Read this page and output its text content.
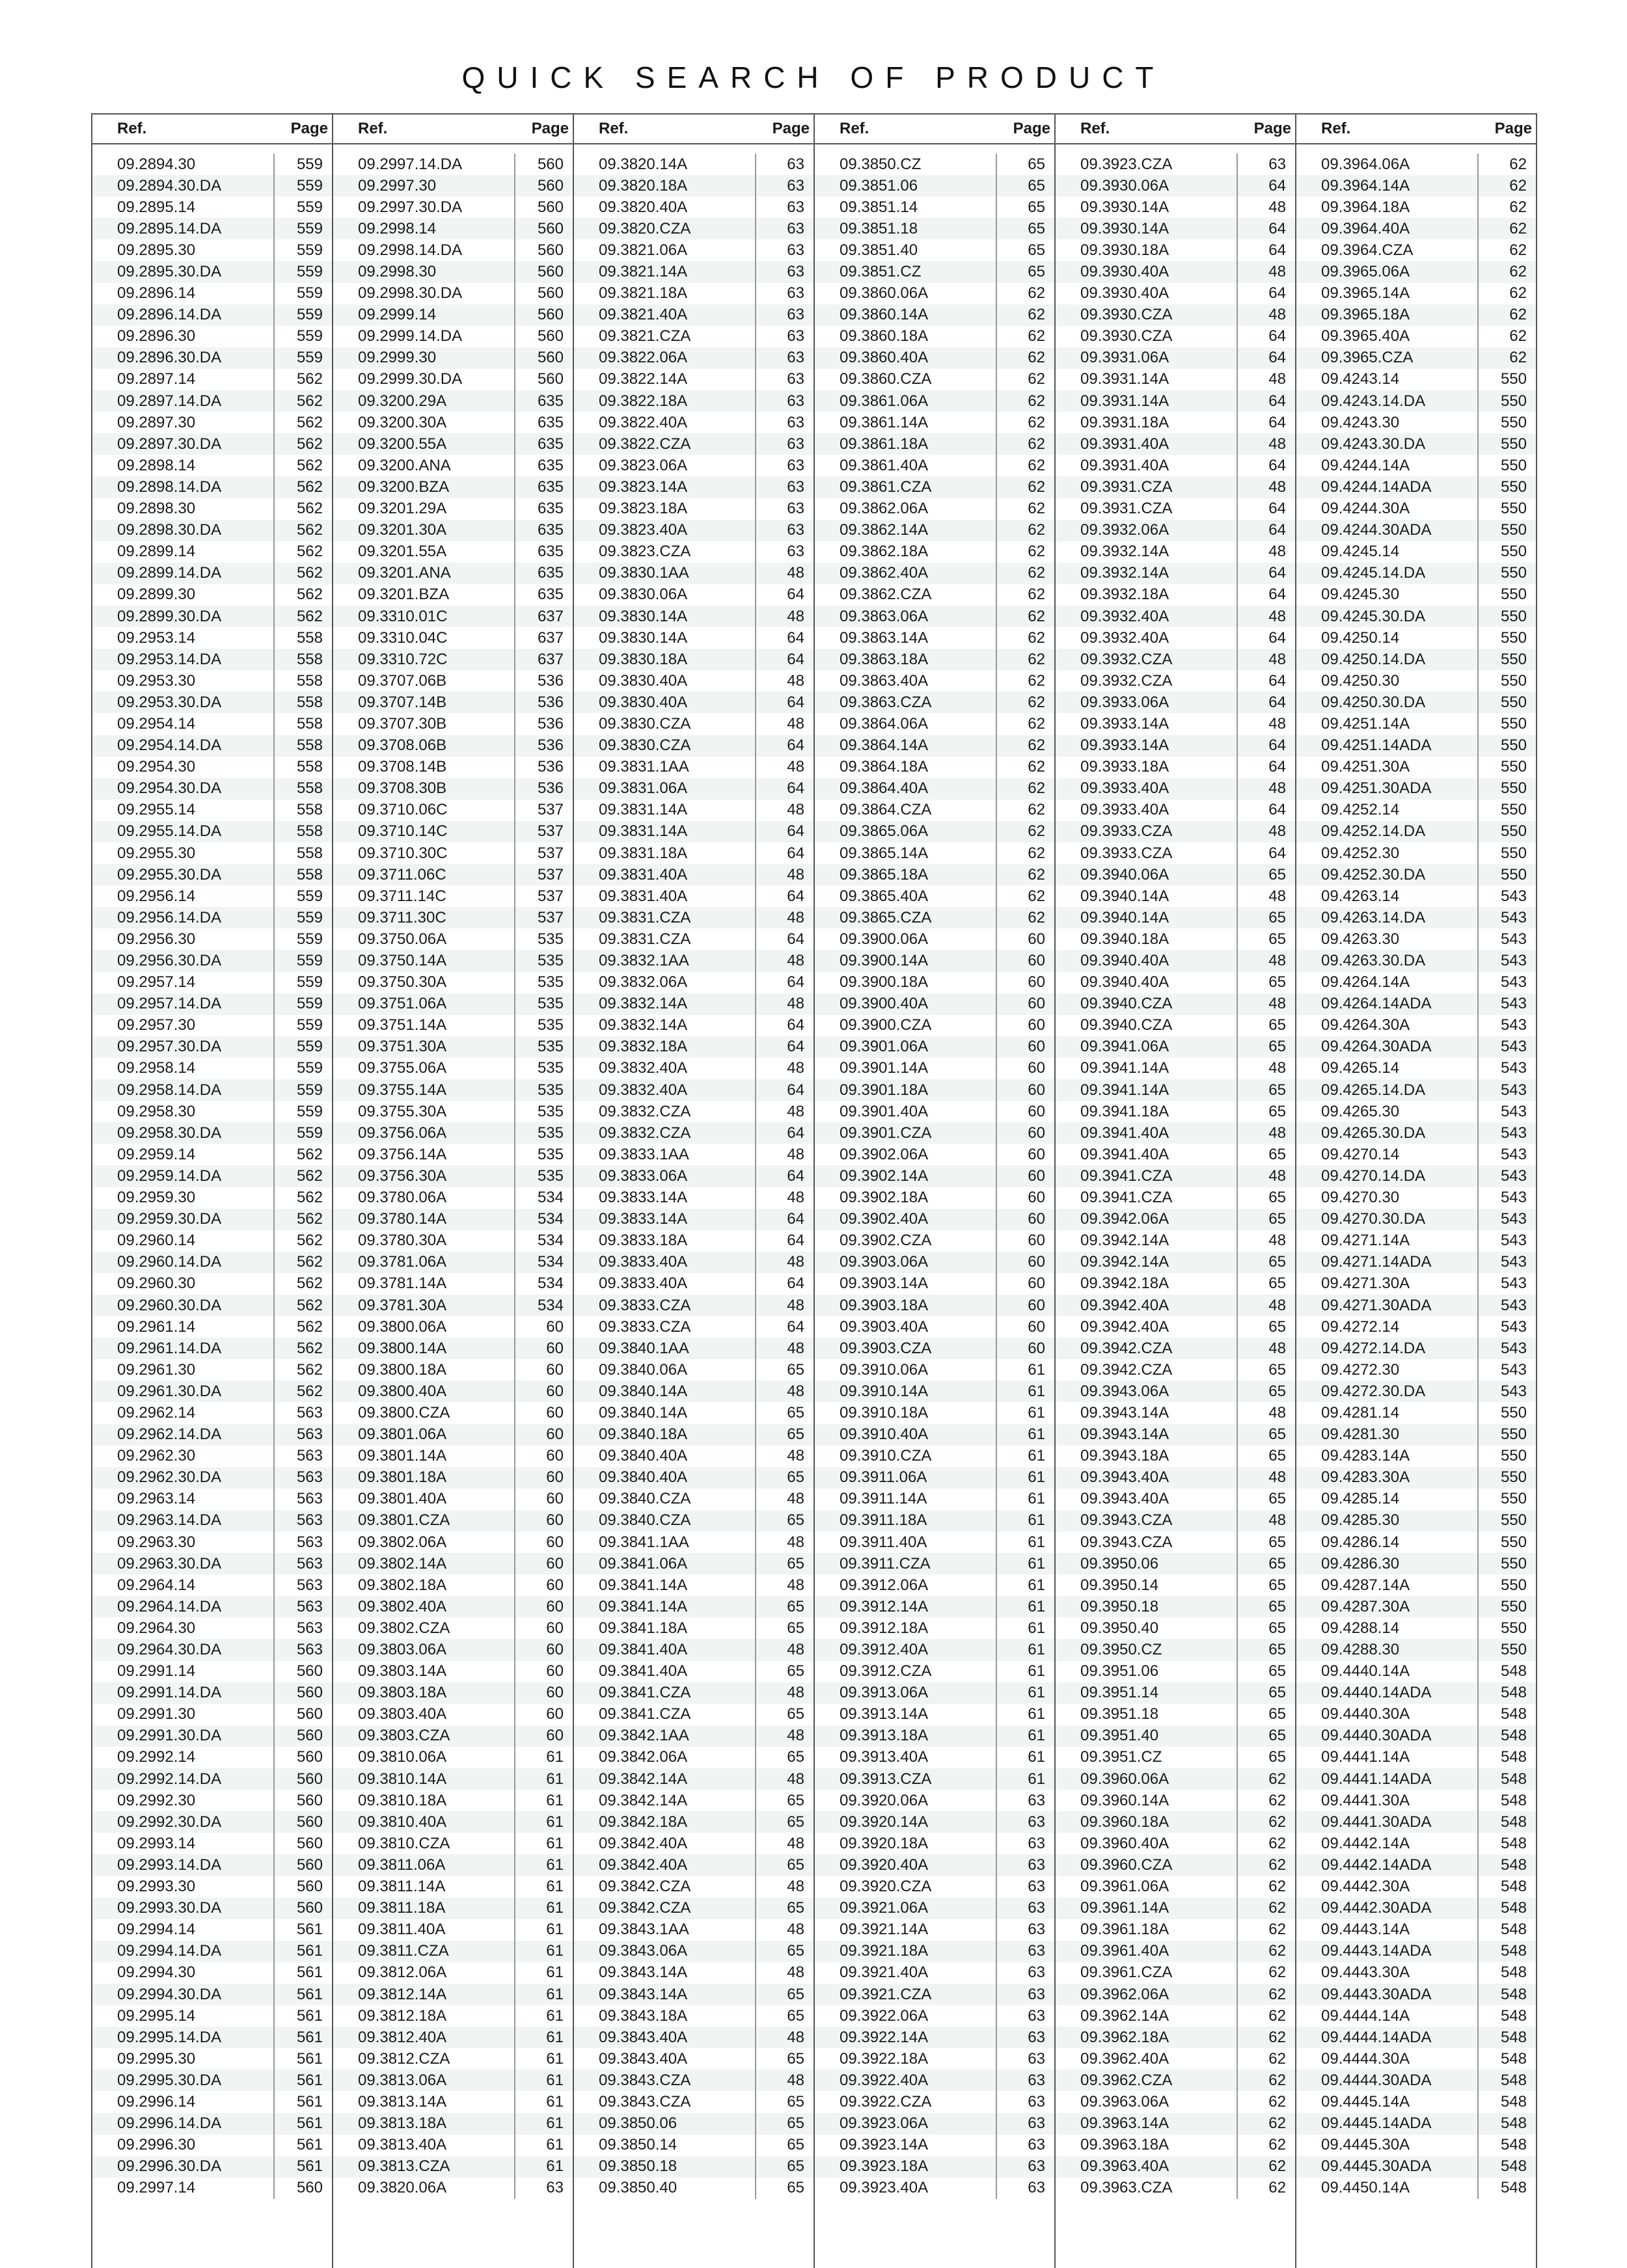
QUICK SEARCH OF PRODUCT
Ref.	Page
09.2894.30	559
09.2894.30.DA	559
09.2895.14	559
09.2895.14.DA	559
09.2895.30	559
09.2895.30.DA	559
09.2896.14	559
09.2896.14.DA	559
09.2896.30	559
09.2896.30.DA	559
09.2897.14	562
09.2897.14.DA	562
09.2897.30	562
09.2897.30.DA	562
09.2898.14	562
09.2898.14.DA	562
09.2898.30	562
09.2898.30.DA	562
09.2899.14	562
09.2899.14.DA	562
09.2899.30	562
09.2899.30.DA	562
09.2953.14	558
09.2953.14.DA	558
09.2953.30	558
09.2953.30.DA	558
09.2954.14	558
09.2954.14.DA	558
09.2954.30	558
09.2954.30.DA	558
09.2955.14	558
09.2955.14.DA	558
09.2955.30	558
09.2955.30.DA	558
09.2956.14	559
09.2956.14.DA	559
09.2956.30	559
09.2956.30.DA	559
09.2957.14	559
09.2957.14.DA	559
09.2957.30	559
09.2957.30.DA	559
09.2958.14	559
09.2958.14.DA	559
09.2958.30	559
09.2958.30.DA	559
09.2959.14	562
09.2959.14.DA	562
09.2959.30	562
09.2959.30.DA	562
09.2960.14	562
09.2960.14.DA	562
09.2960.30	562
09.2960.30.DA	562
09.2961.14	562
09.2961.14.DA	562
09.2961.30	562
09.2961.30.DA	562
09.2962.14	563
09.2962.14.DA	563
09.2962.30	563
09.2962.30.DA	563
09.2963.14	563
09.2963.14.DA	563
09.2963.30	563
09.2963.30.DA	563
09.2964.14	563
09.2964.14.DA	563
09.2964.30	563
09.2964.30.DA	563
09.2991.14	560
09.2991.14.DA	560
09.2991.30	560
09.2991.30.DA	560
09.2992.14	560
09.2992.14.DA	560
09.2992.30	560
09.2992.30.DA	560
09.2993.14	560
09.2993.14.DA	560
09.2993.30	560
09.2993.30.DA	560
09.2994.14	561
09.2994.14.DA	561
09.2994.30	561
09.2994.30.DA	561
09.2995.14	561
09.2995.14.DA	561
09.2995.30	561
09.2995.30.DA	561
09.2996.14	561
09.2996.14.DA	561
09.2996.30	561
09.2996.30.DA	561
09.2997.14	560
Ref.	Page
09.2997.14.DA	560
09.2997.30	560
09.2997.30.DA	560
09.2998.14	560
09.2998.14.DA	560
09.2998.30	560
09.2998.30.DA	560
09.2999.14	560
09.2999.14.DA	560
09.2999.30	560
09.2999.30.DA	560
09.3200.29A	635
09.3200.30A	635
09.3200.55A	635
09.3200.ANA	635
09.3200.BZA	635
09.3201.29A	635
09.3201.30A	635
09.3201.55A	635
09.3201.ANA	635
09.3201.BZA	635
09.3310.01C	637
09.3310.04C	637
09.3310.72C	637
09.3707.06B	536
09.3707.14B	536
09.3707.30B	536
09.3708.06B	536
09.3708.14B	536
09.3708.30B	536
09.3710.06C	537
09.3710.14C	537
09.3710.30C	537
09.3711.06C	537
09.3711.14C	537
09.3711.30C	537
09.3750.06A	535
09.3750.14A	535
09.3750.30A	535
09.3751.06A	535
09.3751.14A	535
09.3751.30A	535
09.3755.06A	535
09.3755.14A	535
09.3755.30A	535
09.3756.06A	535
09.3756.14A	535
09.3756.30A	535
09.3780.06A	534
09.3780.14A	534
09.3780.30A	534
09.3781.06A	534
09.3781.14A	534
09.3781.30A	534
09.3800.06A	60
09.3800.14A	60
09.3800.18A	60
09.3800.40A	60
09.3800.CZA	60
09.3801.06A	60
09.3801.14A	60
09.3801.18A	60
09.3801.40A	60
09.3801.CZA	60
09.3802.06A	60
09.3802.14A	60
09.3802.18A	60
09.3802.40A	60
09.3802.CZA	60
09.3803.06A	60
09.3803.14A	60
09.3803.18A	60
09.3803.40A	60
09.3803.CZA	60
09.3810.06A	61
09.3810.14A	61
09.3810.18A	61
09.3810.40A	61
09.3810.CZA	61
09.3811.06A	61
09.3811.14A	61
09.3811.18A	61
09.3811.40A	61
09.3811.CZA	61
09.3812.06A	61
09.3812.14A	61
09.3812.18A	61
09.3812.40A	61
09.3812.CZA	61
09.3813.06A	61
09.3813.14A	61
09.3813.18A	61
09.3813.40A	61
09.3813.CZA	61
09.3820.06A	63
Ref.	Page
09.3820.14A	63
09.3820.18A	63
09.3820.40A	63
09.3820.CZA	63
09.3821.06A	63
09.3821.14A	63
09.3821.18A	63
09.3821.40A	63
09.3821.CZA	63
09.3822.06A	63
09.3822.14A	63
09.3822.18A	63
09.3822.40A	63
09.3822.CZA	63
09.3823.06A	63
09.3823.14A	63
09.3823.18A	63
09.3823.40A	63
09.3823.CZA	63
09.3830.1AA	48
09.3830.06A	64
09.3830.14A	48
09.3830.14A	64
09.3830.18A	64
09.3830.40A	48
09.3830.40A	64
09.3830.CZA	48
09.3830.CZA	64
09.3831.1AA	48
09.3831.06A	64
09.3831.14A	48
09.3831.14A	64
09.3831.18A	64
09.3831.40A	48
09.3831.40A	64
09.3831.CZA	48
09.3831.CZA	64
09.3832.1AA	48
09.3832.06A	64
09.3832.14A	48
09.3832.14A	64
09.3832.18A	64
09.3832.40A	48
09.3832.40A	64
09.3832.CZA	48
09.3832.CZA	64
09.3833.1AA	48
09.3833.06A	64
09.3833.14A	48
09.3833.14A	64
09.3833.18A	64
09.3833.40A	48
09.3833.40A	64
09.3833.CZA	48
09.3833.CZA	64
09.3840.1AA	48
09.3840.06A	65
09.3840.14A	48
09.3840.14A	65
09.3840.18A	65
09.3840.40A	48
09.3840.40A	65
09.3840.CZA	48
09.3840.CZA	65
09.3841.1AA	48
09.3841.06A	65
09.3841.14A	48
09.3841.14A	65
09.3841.18A	65
09.3841.40A	48
09.3841.40A	65
09.3841.CZA	48
09.3841.CZA	65
09.3842.1AA	48
09.3842.06A	65
09.3842.14A	48
09.3842.14A	65
09.3842.18A	65
09.3842.40A	48
09.3842.40A	65
09.3842.CZA	48
09.3842.CZA	65
09.3843.1AA	48
09.3843.06A	65
09.3843.14A	48
09.3843.14A	65
09.3843.18A	65
09.3843.40A	48
09.3843.40A	65
09.3843.CZA	48
09.3843.CZA	65
09.3850.06	65
09.3850.14	65
09.3850.18	65
09.3850.40	65
Ref.	Page
09.3850.CZ	65
09.3851.06	65
09.3851.14	65
09.3851.18	65
09.3851.40	65
09.3851.CZ	65
09.3860.06A	62
09.3860.14A	62
09.3860.18A	62
09.3860.40A	62
09.3860.CZA	62
09.3861.06A	62
09.3861.14A	62
09.3861.18A	62
09.3861.40A	62
09.3861.CZA	62
09.3862.06A	62
09.3862.14A	62
09.3862.18A	62
09.3862.40A	62
09.3862.CZA	62
09.3863.06A	62
09.3863.14A	62
09.3863.18A	62
09.3863.40A	62
09.3863.CZA	62
09.3864.06A	62
09.3864.14A	62
09.3864.18A	62
09.3864.40A	62
09.3864.CZA	62
09.3865.06A	62
09.3865.14A	62
09.3865.18A	62
09.3865.40A	62
09.3865.CZA	62
09.3900.06A	60
09.3900.14A	60
09.3900.18A	60
09.3900.40A	60
09.3900.CZA	60
09.3901.06A	60
09.3901.14A	60
09.3901.18A	60
09.3901.40A	60
09.3901.CZA	60
09.3902.06A	60
09.3902.14A	60
09.3902.18A	60
09.3902.40A	60
09.3902.CZA	60
09.3903.06A	60
09.3903.14A	60
09.3903.18A	60
09.3903.40A	60
09.3903.CZA	60
09.3910.06A	61
09.3910.14A	61
09.3910.18A	61
09.3910.40A	61
09.3910.CZA	61
09.3911.06A	61
09.3911.14A	61
09.3911.18A	61
09.3911.40A	61
09.3911.CZA	61
09.3912.06A	61
09.3912.14A	61
09.3912.18A	61
09.3912.40A	61
09.3912.CZA	61
09.3913.06A	61
09.3913.14A	61
09.3913.18A	61
09.3913.40A	61
09.3913.CZA	61
09.3920.06A	63
09.3920.14A	63
09.3920.18A	63
09.3920.40A	63
09.3920.CZA	63
09.3921.06A	63
09.3921.14A	63
09.3921.18A	63
09.3921.40A	63
09.3921.CZA	63
09.3922.06A	63
09.3922.14A	63
09.3922.18A	63
09.3922.40A	63
09.3922.CZA	63
09.3923.06A	63
09.3923.14A	63
09.3923.18A	63
09.3923.40A	63
Ref.	Page
09.3923.CZA	63
09.3930.06A	64
09.3930.14A	48
09.3930.14A	64
09.3930.18A	64
09.3930.40A	48
09.3930.40A	64
09.3930.CZA	48
09.3930.CZA	64
09.3931.06A	64
09.3931.14A	48
09.3931.14A	64
09.3931.18A	64
09.3931.40A	48
09.3931.40A	64
09.3931.CZA	48
09.3931.CZA	64
09.3932.06A	64
09.3932.14A	48
09.3932.14A	64
09.3932.18A	64
09.3932.40A	48
09.3932.40A	64
09.3932.CZA	48
09.3932.CZA	64
09.3933.06A	64
09.3933.14A	48
09.3933.14A	64
09.3933.18A	64
09.3933.40A	48
09.3933.40A	64
09.3933.CZA	48
09.3933.CZA	64
09.3940.06A	65
09.3940.14A	48
09.3940.14A	65
09.3940.18A	65
09.3940.40A	48
09.3940.40A	65
09.3940.CZA	48
09.3940.CZA	65
09.3941.06A	65
09.3941.14A	48
09.3941.14A	65
09.3941.18A	65
09.3941.40A	48
09.3941.40A	65
09.3941.CZA	48
09.3941.CZA	65
09.3942.06A	65
09.3942.14A	48
09.3942.14A	65
09.3942.18A	65
09.3942.40A	48
09.3942.40A	65
09.3942.CZA	48
09.3942.CZA	65
09.3943.06A	65
09.3943.14A	48
09.3943.14A	65
09.3943.18A	65
09.3943.40A	48
09.3943.40A	65
09.3943.CZA	48
09.3943.CZA	65
09.3950.06	65
09.3950.14	65
09.3950.18	65
09.3950.40	65
09.3950.CZ	65
09.3951.06	65
09.3951.14	65
09.3951.18	65
09.3951.40	65
09.3951.CZ	65
09.3960.06A	62
09.3960.14A	62
09.3960.18A	62
09.3960.40A	62
09.3960.CZA	62
09.3961.06A	62
09.3961.14A	62
09.3961.18A	62
09.3961.40A	62
09.3961.CZA	62
09.3962.06A	62
09.3962.14A	62
09.3962.18A	62
09.3962.40A	62
09.3962.CZA	62
09.3963.06A	62
09.3963.14A	62
09.3963.18A	62
09.3963.40A	62
09.3963.CZA	62
Ref.	Page
09.3964.06A	62
09.3964.14A	62
09.3964.18A	62
09.3964.40A	62
09.3964.CZA	62
09.3965.06A	62
09.3965.14A	62
09.3965.18A	62
09.3965.40A	62
09.3965.CZA	62
09.4243.14	550
09.4243.14.DA	550
09.4243.30	550
09.4243.30.DA	550
09.4244.14A	550
09.4244.14ADA	550
09.4244.30A	550
09.4244.30ADA	550
09.4245.14	550
09.4245.14.DA	550
09.4245.30	550
09.4245.30.DA	550
09.4250.14	550
09.4250.14.DA	550
09.4250.30	550
09.4250.30.DA	550
09.4251.14A	550
09.4251.14ADA	550
09.4251.30A	550
09.4251.30ADA	550
09.4252.14	550
09.4252.14.DA	550
09.4252.30	550
09.4252.30.DA	550
09.4263.14	543
09.4263.14.DA	543
09.4263.30	543
09.4263.30.DA	543
09.4264.14A	543
09.4264.14ADA	543
09.4264.30A	543
09.4264.30ADA	543
09.4265.14	543
09.4265.14.DA	543
09.4265.30	543
09.4265.30.DA	543
09.4270.14	543
09.4270.14.DA	543
09.4270.30	543
09.4270.30.DA	543
09.4271.14A	543
09.4271.14ADA	543
09.4271.30A	543
09.4271.30ADA	543
09.4272.14	543
09.4272.14.DA	543
09.4272.30	543
09.4272.30.DA	543
09.4281.14	550
09.4281.30	550
09.4283.14A	550
09.4283.30A	550
09.4285.14	550
09.4285.30	550
09.4286.14	550
09.4286.30	550
09.4287.14A	550
09.4287.30A	550
09.4288.14	550
09.4288.30	550
09.4440.14A	548
09.4440.14ADA	548
09.4440.30A	548
09.4440.30ADA	548
09.4441.14A	548
09.4441.14ADA	548
09.4441.30A	548
09.4441.30ADA	548
09.4442.14A	548
09.4442.14ADA	548
09.4442.30A	548
09.4442.30ADA	548
09.4443.14A	548
09.4443.14ADA	548
09.4443.30A	548
09.4443.30ADA	548
09.4444.14A	548
09.4444.14ADA	548
09.4444.30A	548
09.4444.30ADA	548
09.4445.14A	548
09.4445.14ADA	548
09.4445.30A	548
09.4445.30ADA	548
09.4450.14A	548
